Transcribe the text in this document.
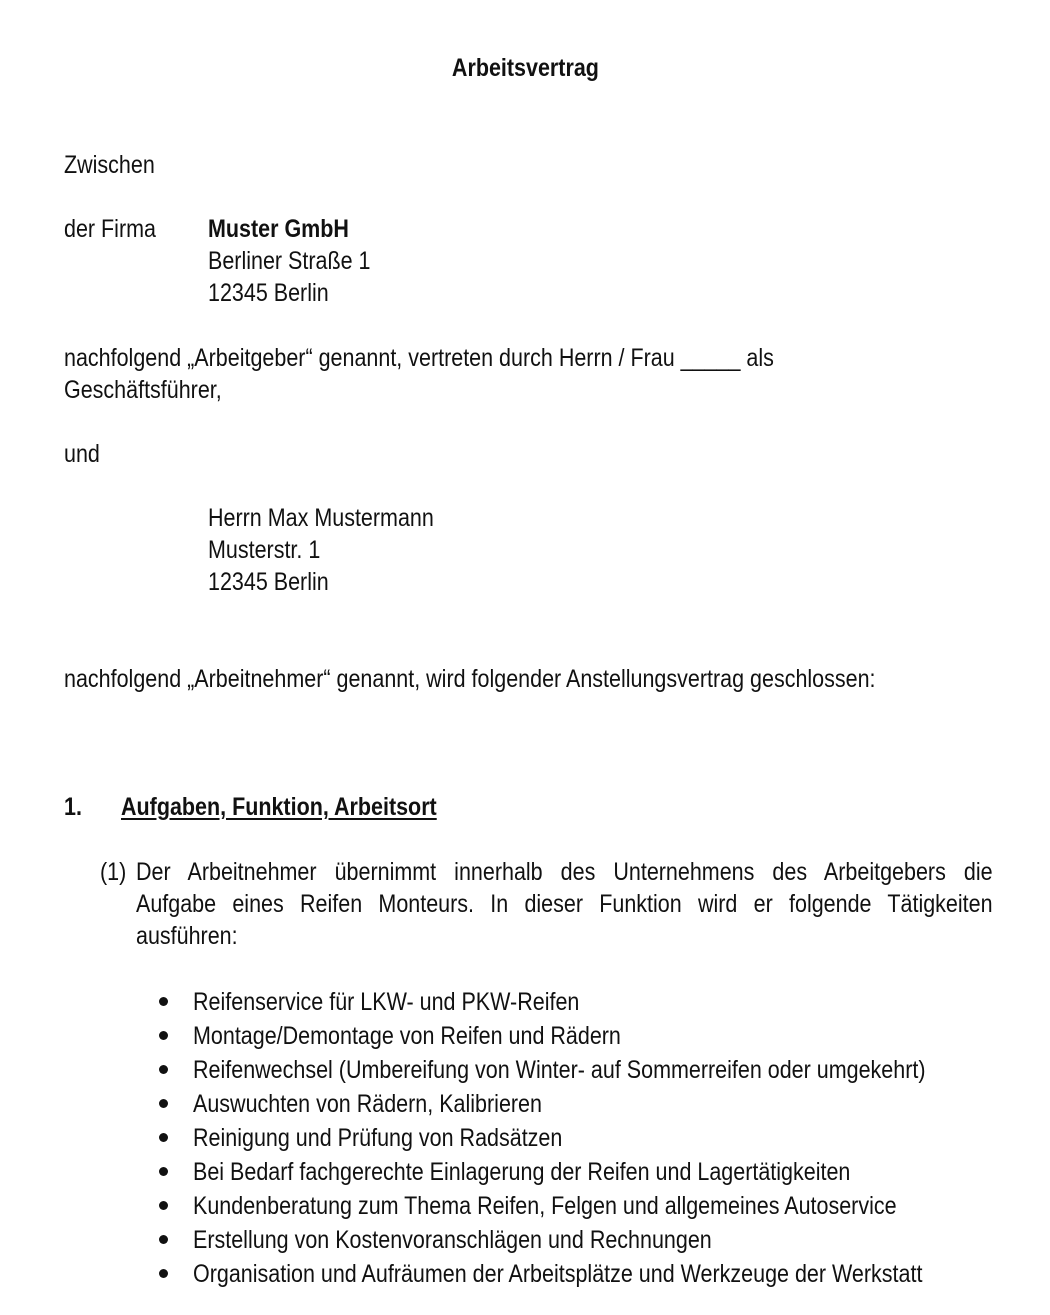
Arbeitsvertrag
Zwischen
der Firma Muster GmbH
Berliner Straße 1
12345 Berlin
nachfolgend „Arbeitgeber“ genannt, vertreten durch Herrn / Frau _____ als
Geschäftsführer,
und
Herrn Max Mustermann
Musterstr. 1
12345 Berlin
nachfolgend „Arbeitnehmer“ genannt, wird folgender Anstellungsvertrag geschlossen:
1. Aufgaben, Funktion, Arbeitsort
(1) Der Arbeitnehmer übernimmt innerhalb des Unternehmens des Arbeitgebers die
Aufgabe eines Reifen Monteurs. In dieser Funktion wird er folgende Tätigkeiten
ausführen:
Reifenservice für LKW- und PKW-Reifen
Montage/Demontage von Reifen und Rädern
Reifenwechsel (Umbereifung von Winter- auf Sommerreifen oder umgekehrt)
Auswuchten von Rädern, Kalibrieren
Reinigung und Prüfung von Radsätzen
Bei Bedarf fachgerechte Einlagerung der Reifen und Lagertätigkeiten
Kundenberatung zum Thema Reifen, Felgen und allgemeines Autoservice
Erstellung von Kostenvoranschlägen und Rechnungen
Organisation und Aufräumen der Arbeitsplätze und Werkzeuge der Werkstatt
